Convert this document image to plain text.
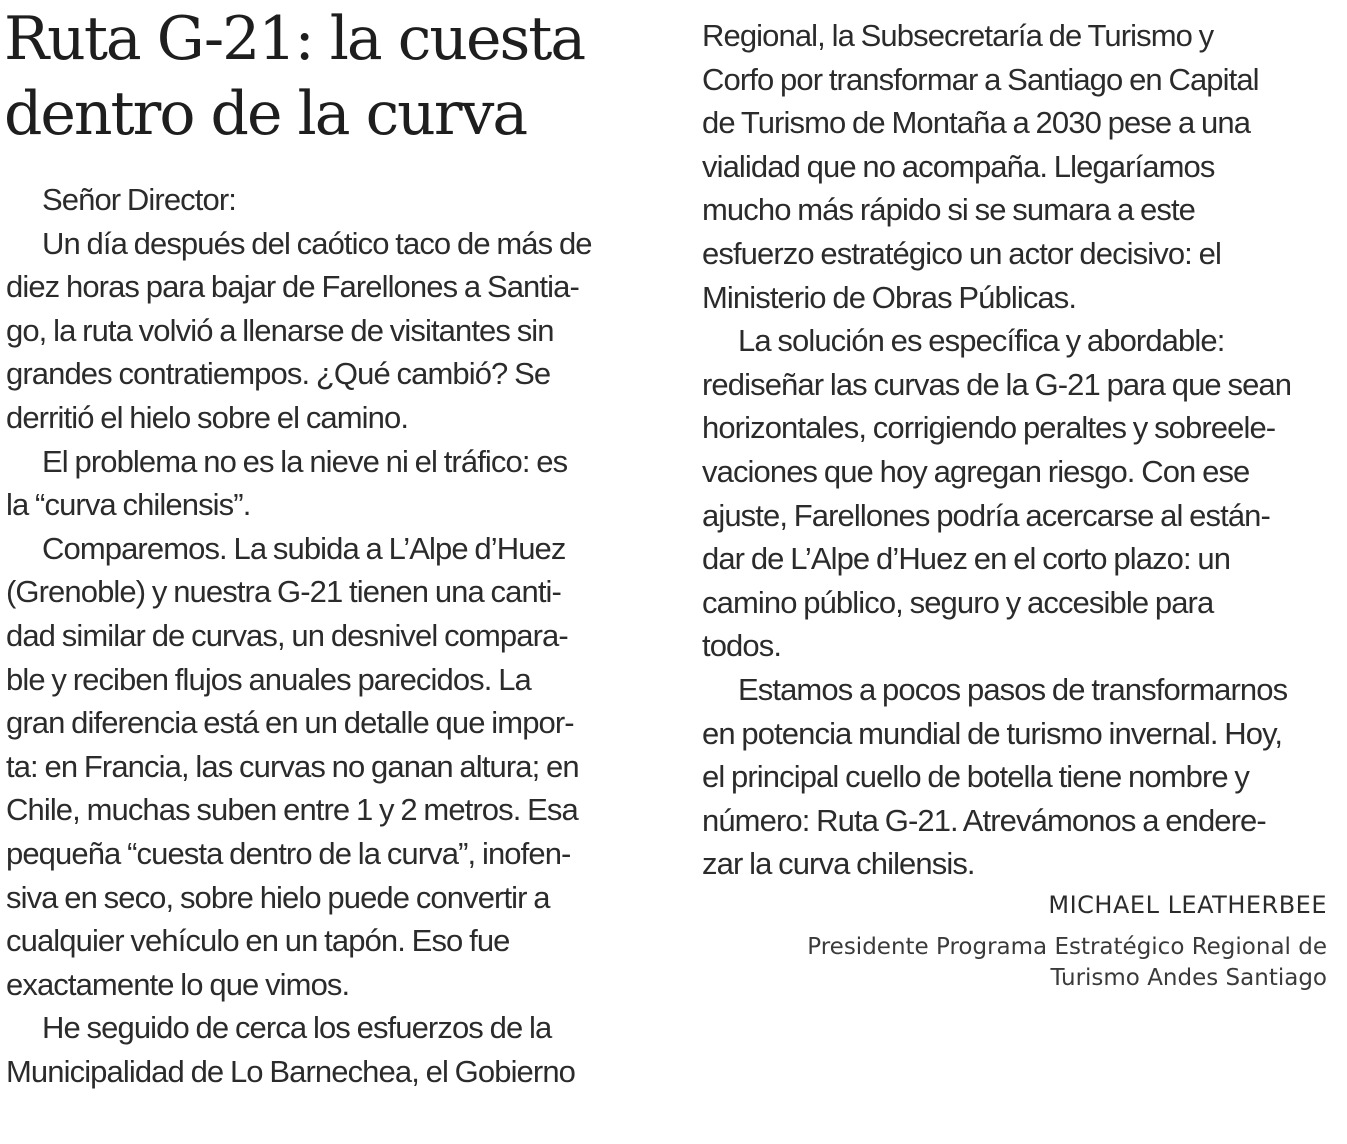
Ruta G-21: la cuesta
dentro de la curva
Señor Director:
Un día después del caótico taco de más de
diez horas para bajar de Farellones a Santia-
go, la ruta volvió a llenarse de visitantes sin
grandes contratiempos. ¿Qué cambió? Se
derritió el hielo sobre el camino.
El problema no es la nieve ni el tráfico: es
la “curva chilensis”.
Comparemos. La subida a L’Alpe d’Huez
(Grenoble) y nuestra G-21 tienen una canti-
dad similar de curvas, un desnivel compara-
ble y reciben flujos anuales parecidos. La
gran diferencia está en un detalle que impor-
ta: en Francia, las curvas no ganan altura; en
Chile, muchas suben entre 1 y 2 metros. Esa
pequeña “cuesta dentro de la curva”, inofen-
siva en seco, sobre hielo puede convertir a
cualquier vehículo en un tapón. Eso fue
exactamente lo que vimos.
He seguido de cerca los esfuerzos de la
Municipalidad de Lo Barnechea, el Gobierno
Regional, la Subsecretaría de Turismo y
Corfo por transformar a Santiago en Capital
de Turismo de Montaña a 2030 pese a una
vialidad que no acompaña. Llegaríamos
mucho más rápido si se sumara a este
esfuerzo estratégico un actor decisivo: el
Ministerio de Obras Públicas.
La solución es específica y abordable:
rediseñar las curvas de la G-21 para que sean
horizontales, corrigiendo peraltes y sobreele-
vaciones que hoy agregan riesgo. Con ese
ajuste, Farellones podría acercarse al están-
dar de L’Alpe d’Huez en el corto plazo: un
camino público, seguro y accesible para
todos.
Estamos a pocos pasos de transformarnos
en potencia mundial de turismo invernal. Hoy,
el principal cuello de botella tiene nombre y
número: Ruta G-21. Atrevámonos a endere-
zar la curva chilensis.
MICHAEL LEATHERBEE
Presidente Programa Estratégico Regional de
Turismo Andes Santiago
